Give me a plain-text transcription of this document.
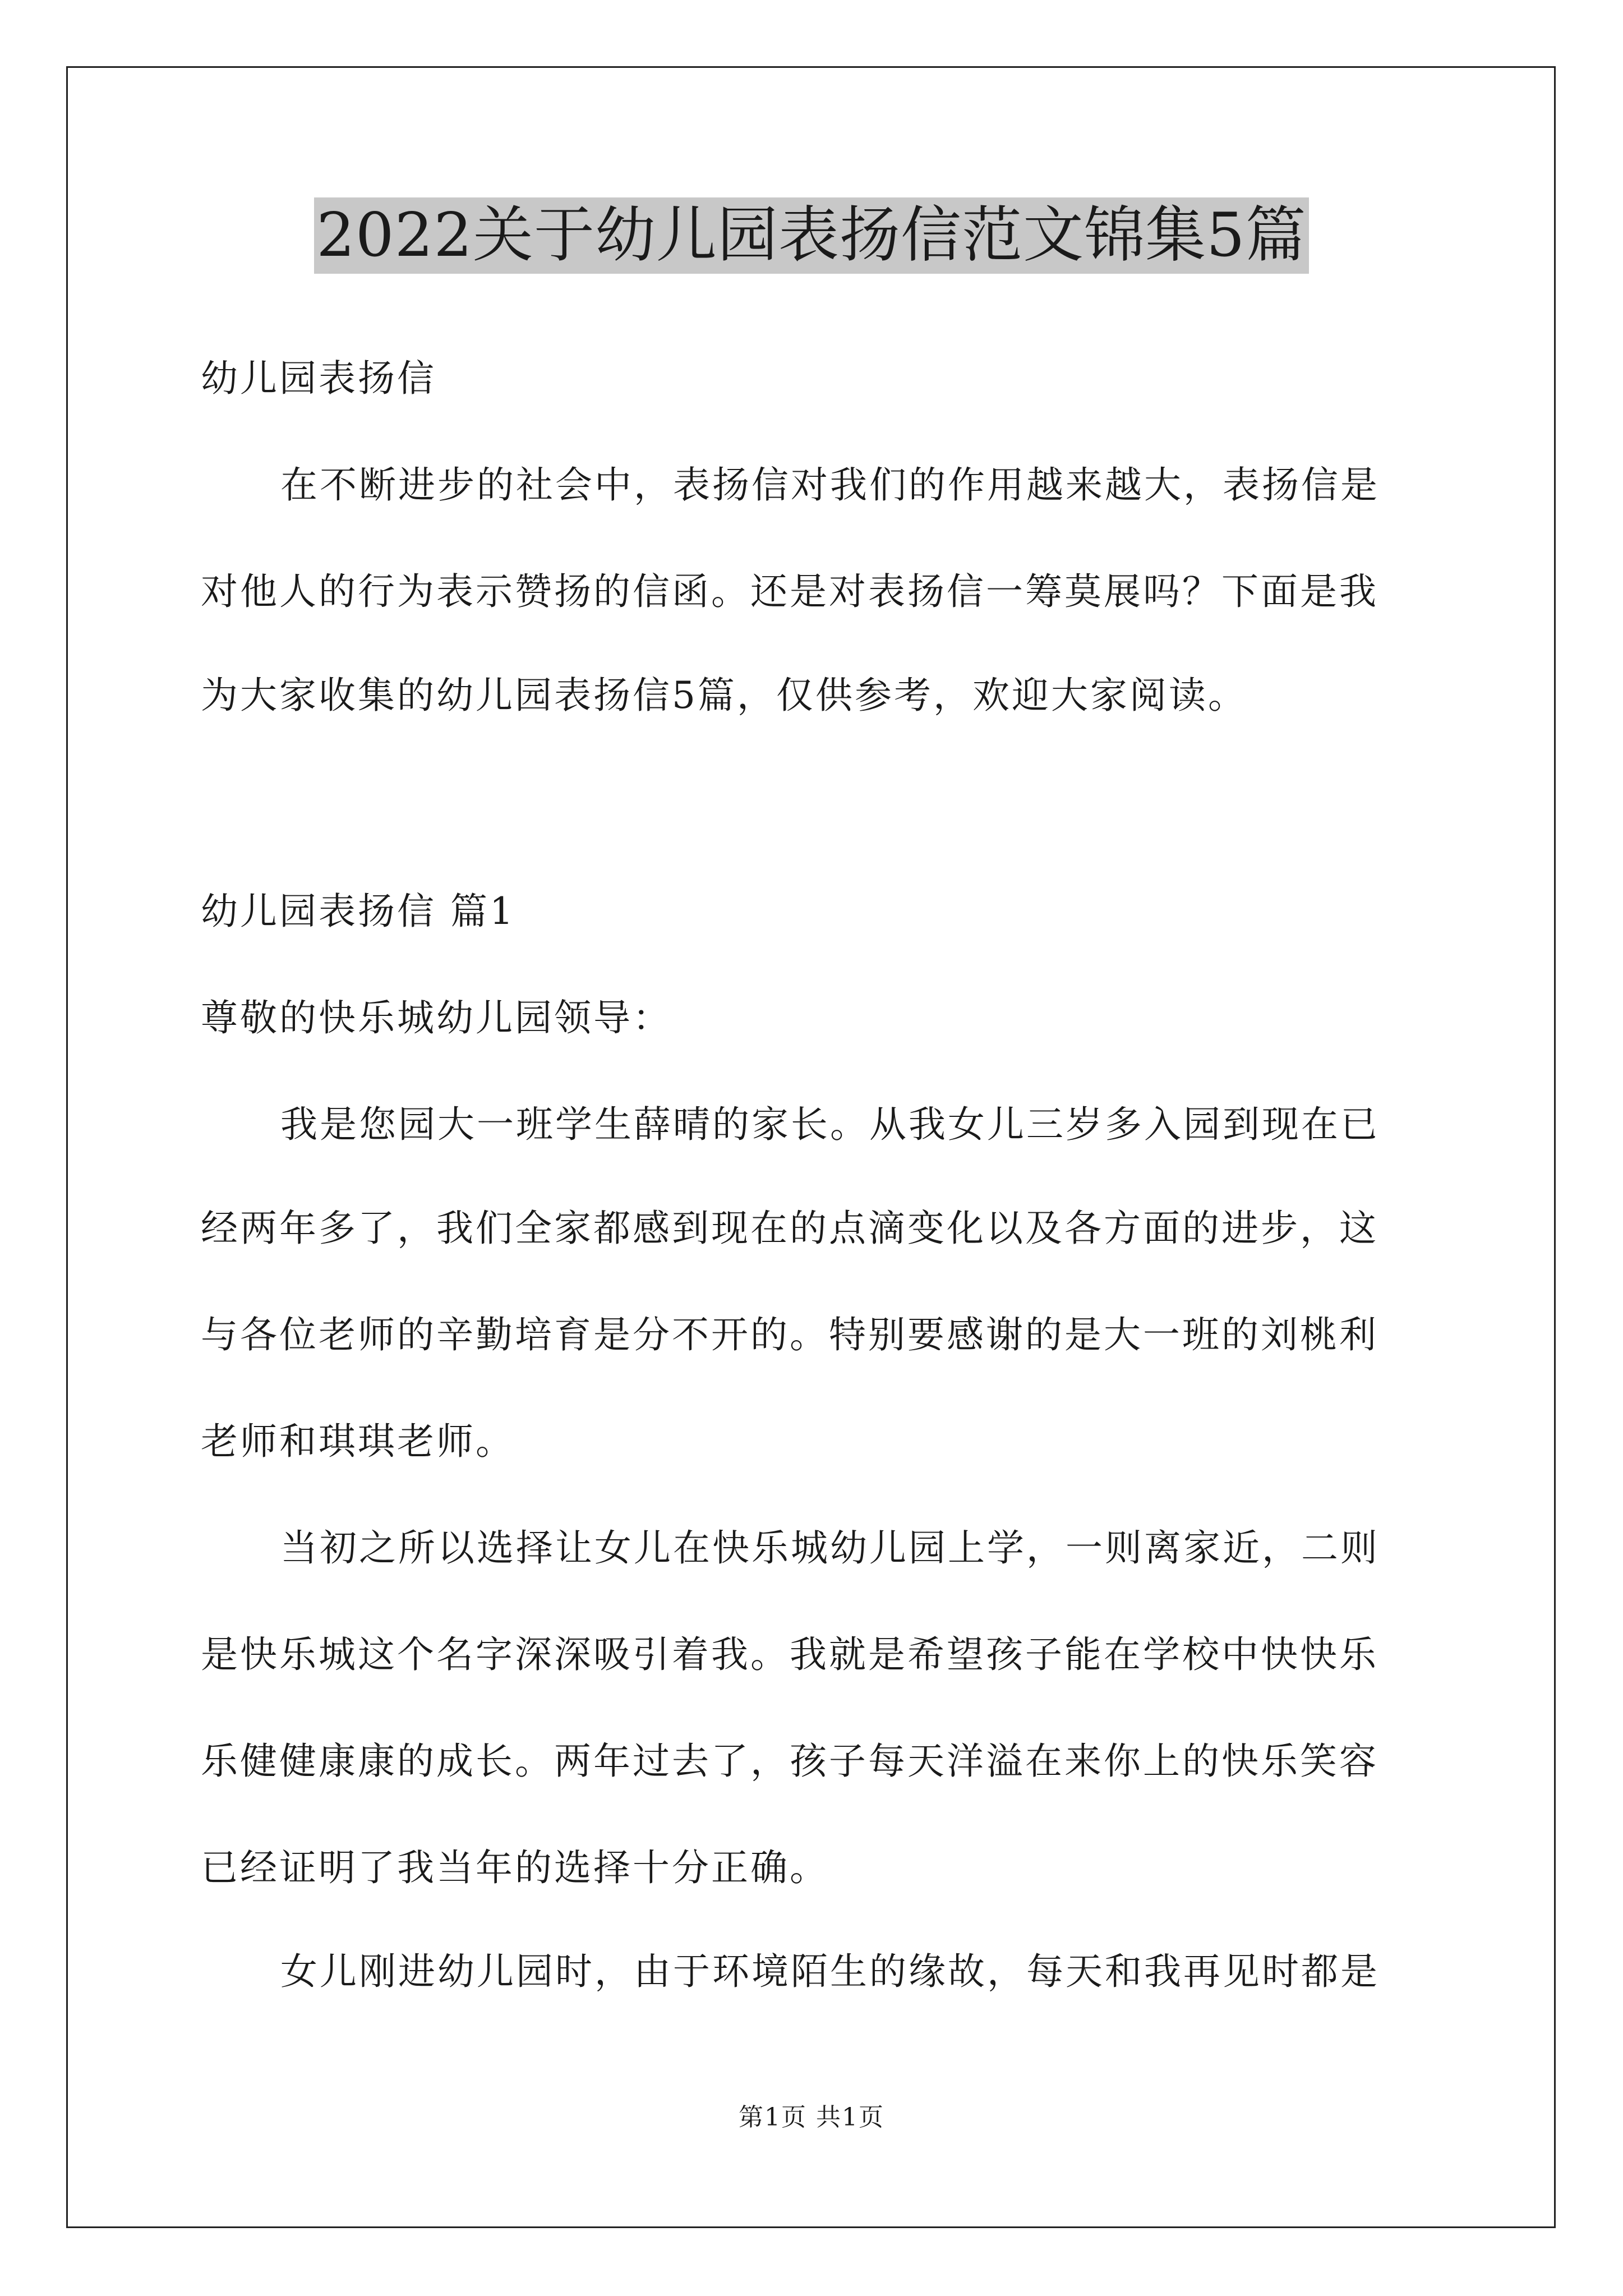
2022关于幼儿园表扬信范文锦集5篇
幼儿园表扬信
在不断进步的社会中，表扬信对我们的作用越来越大，表扬信是
对他人的行为表示赞扬的信函。还是对表扬信一筹莫展吗？下面是我
为大家收集的幼儿园表扬信5篇，仅供参考，欢迎大家阅读。
幼儿园表扬信 篇1
尊敬的快乐城幼儿园领导：
我是您园大一班学生薛晴的家长。从我女儿三岁多入园到现在已
经两年多了，我们全家都感到现在的点滴变化以及各方面的进步，这
与各位老师的辛勤培育是分不开的。特别要感谢的是大一班的刘桃利
老师和琪琪老师。
当初之所以选择让女儿在快乐城幼儿园上学，一则离家近，二则
是快乐城这个名字深深吸引着我。我就是希望孩子能在学校中快快乐
乐健健康康的成长。两年过去了，孩子每天洋溢在来你上的快乐笑容
已经证明了我当年的选择十分正确。
女儿刚进幼儿园时，由于环境陌生的缘故，每天和我再见时都是
第1页 共1页
